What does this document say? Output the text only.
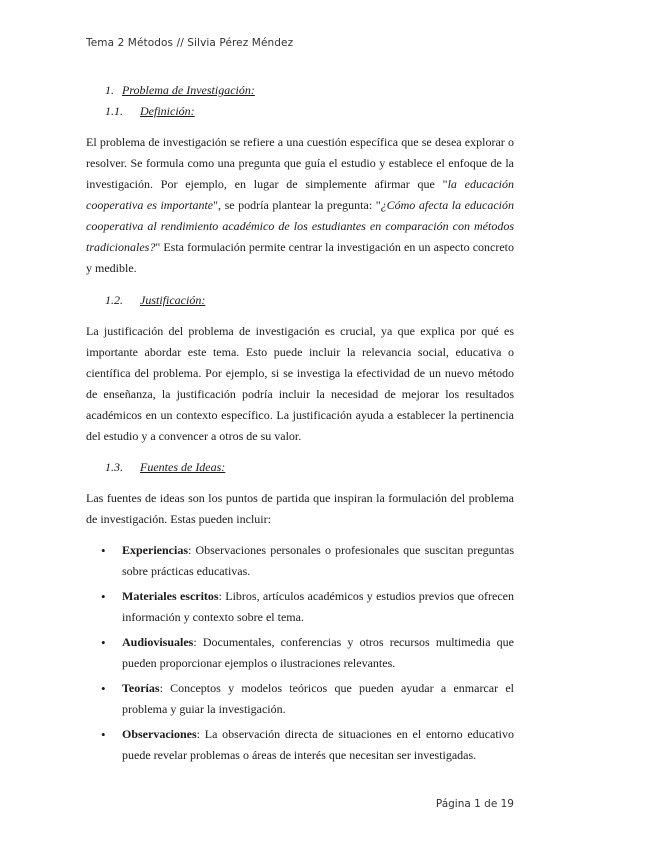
Tema 2 Métodos // Silvia Pérez Méndez
1. Problema de Investigación:
1.1. Definición:

El problema de investigación se refiere a una cuestión específica que se desea explorar o resolver. Se formula como una pregunta que guía el estudio y establece el enfoque de la investigación. Por ejemplo, en lugar de simplemente afirmar que "la educación cooperativa es importante", se podría plantear la pregunta: "¿Cómo afecta la educación cooperativa al rendimiento académico de los estudiantes en comparación con métodos tradicionales?" Esta formulación permite centrar la investigación en un aspecto concreto y medible.

1.2. Justificación:

La justificación del problema de investigación es crucial, ya que explica por qué es importante abordar este tema. Esto puede incluir la relevancia social, educativa o científica del problema. Por ejemplo, si se investiga la efectividad de un nuevo método de enseñanza, la justificación podría incluir la necesidad de mejorar los resultados académicos en un contexto específico. La justificación ayuda a establecer la pertinencia del estudio y a convencer a otros de su valor.

1.3. Fuentes de Ideas:

Las fuentes de ideas son los puntos de partida que inspiran la formulación del problema de investigación. Estas pueden incluir:

• Experiencias: Observaciones personales o profesionales que suscitan preguntas sobre prácticas educativas.
• Materiales escritos: Libros, artículos académicos y estudios previos que ofrecen información y contexto sobre el tema.
• Audiovisuales: Documentales, conferencias y otros recursos multimedia que pueden proporcionar ejemplos o ilustraciones relevantes.
• Teorías: Conceptos y modelos teóricos que pueden ayudar a enmarcar el problema y guiar la investigación.
• Observaciones: La observación directa de situaciones en el entorno educativo puede revelar problemas o áreas de interés que necesitan ser investigadas.
Página 1 de 19
